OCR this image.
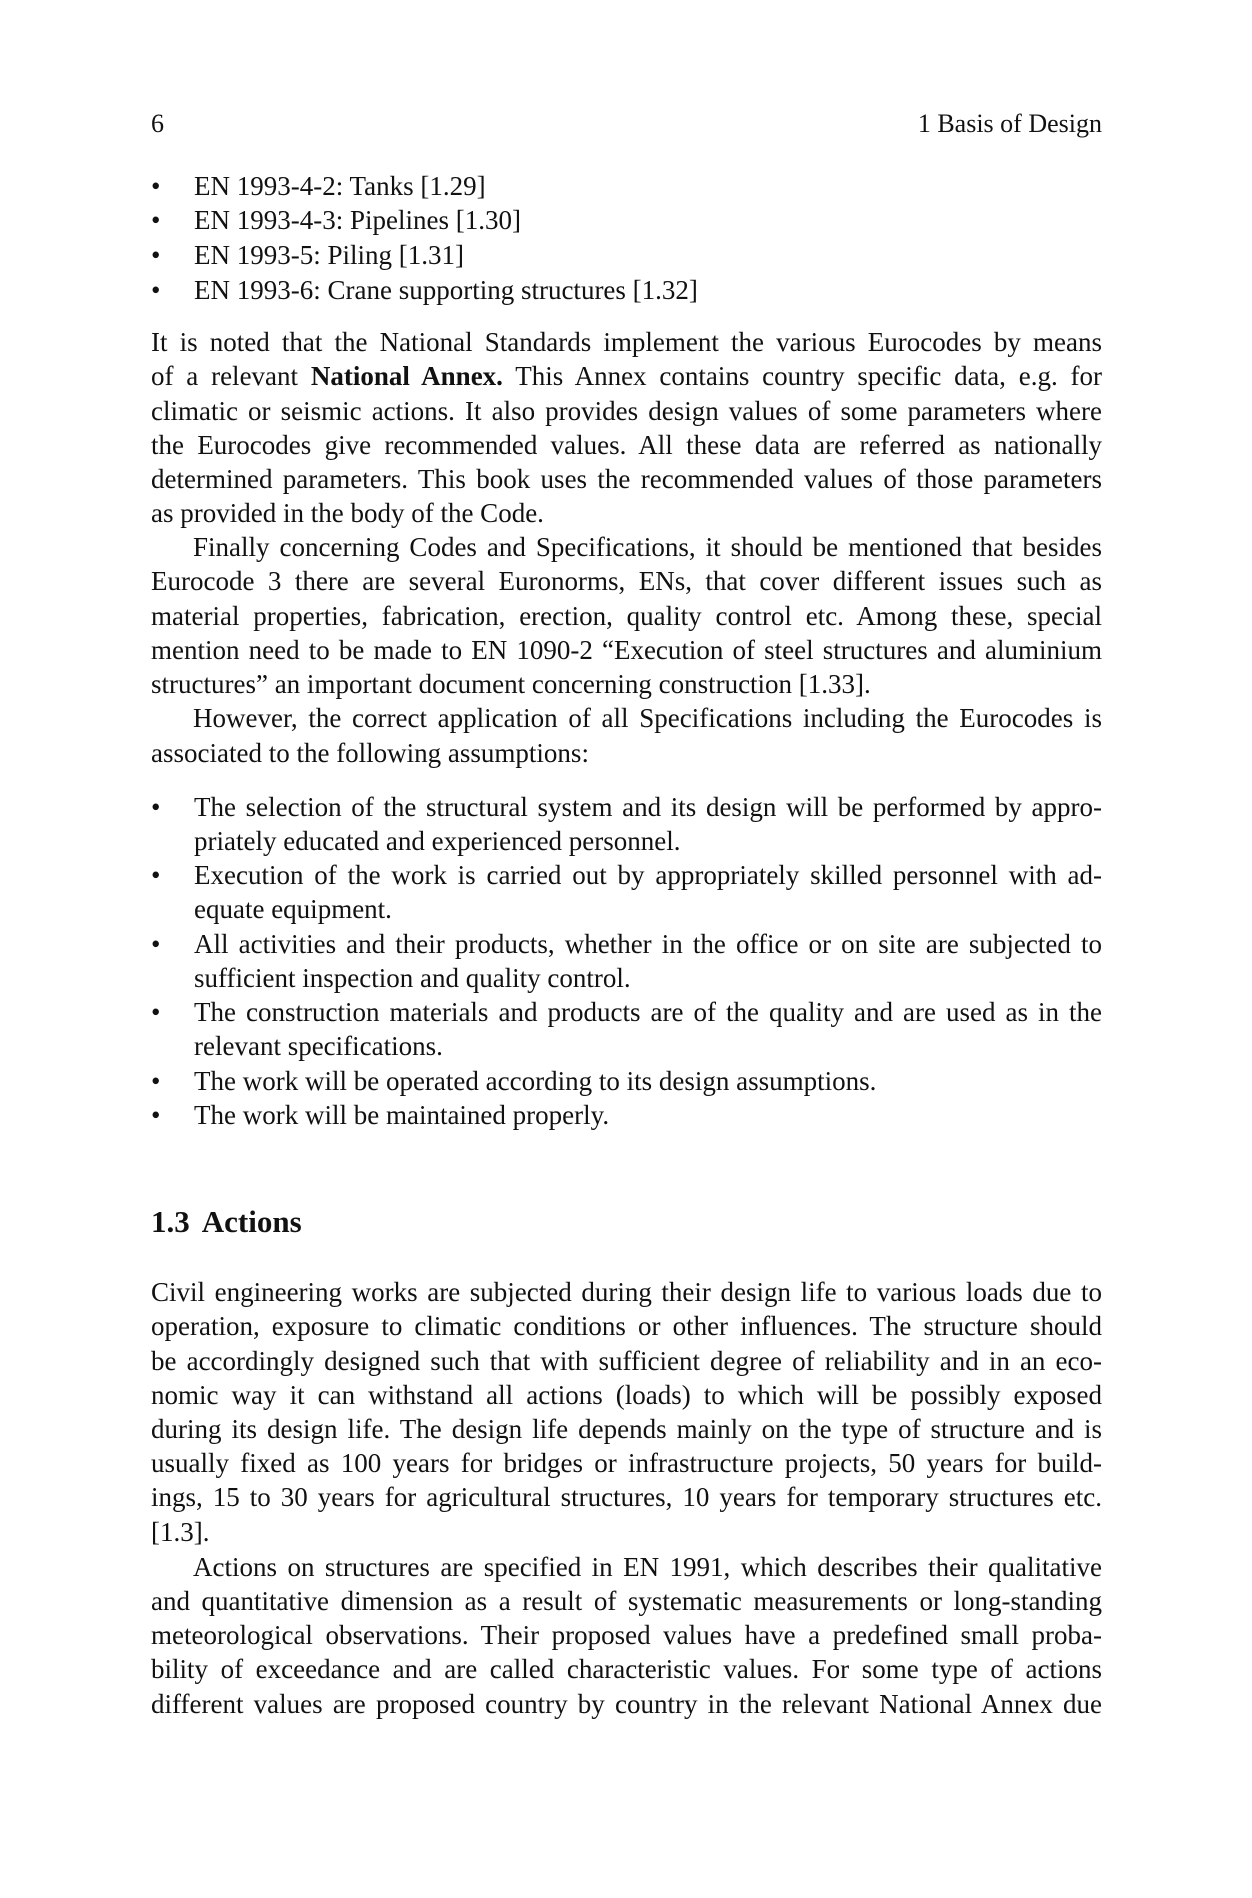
6	1 Basis of Design
• EN 1993-4-2: Tanks [1.29]
• EN 1993-4-3: Pipelines [1.30]
• EN 1993-5: Piling [1.31]
• EN 1993-6: Crane supporting structures [1.32]
It is noted that the National Standards implement the various Eurocodes by means
of a relevant National Annex. This Annex contains country specific data, e.g. for
climatic or seismic actions. It also provides design values of some parameters where
the Eurocodes give recommended values. All these data are referred as nationally
determined parameters. This book uses the recommended values of those parameters
as provided in the body of the Code.
Finally concerning Codes and Specifications, it should be mentioned that besides
Eurocode 3 there are several Euronorms, ENs, that cover different issues such as
material properties, fabrication, erection, quality control etc. Among these, special
mention need to be made to EN 1090-2 “Execution of steel structures and aluminium
structures” an important document concerning construction [1.33].
However, the correct application of all Specifications including the Eurocodes is
associated to the following assumptions:
• The selection of the structural system and its design will be performed by appro-
priately educated and experienced personnel.
• Execution of the work is carried out by appropriately skilled personnel with ad-
equate equipment.
• All activities and their products, whether in the office or on site are subjected to
sufficient inspection and quality control.
• The construction materials and products are of the quality and are used as in the
relevant specifications.
• The work will be operated according to its design assumptions.
• The work will be maintained properly.
1.3 Actions
Civil engineering works are subjected during their design life to various loads due to
operation, exposure to climatic conditions or other influences. The structure should
be accordingly designed such that with sufficient degree of reliability and in an eco-
nomic way it can withstand all actions (loads) to which will be possibly exposed
during its design life. The design life depends mainly on the type of structure and is
usually fixed as 100 years for bridges or infrastructure projects, 50 years for build-
ings, 15 to 30 years for agricultural structures, 10 years for temporary structures etc.
[1.3].
Actions on structures are specified in EN 1991, which describes their qualitative
and quantitative dimension as a result of systematic measurements or long-standing
meteorological observations. Their proposed values have a predefined small proba-
bility of exceedance and are called characteristic values. For some type of actions
different values are proposed country by country in the relevant National Annex due
